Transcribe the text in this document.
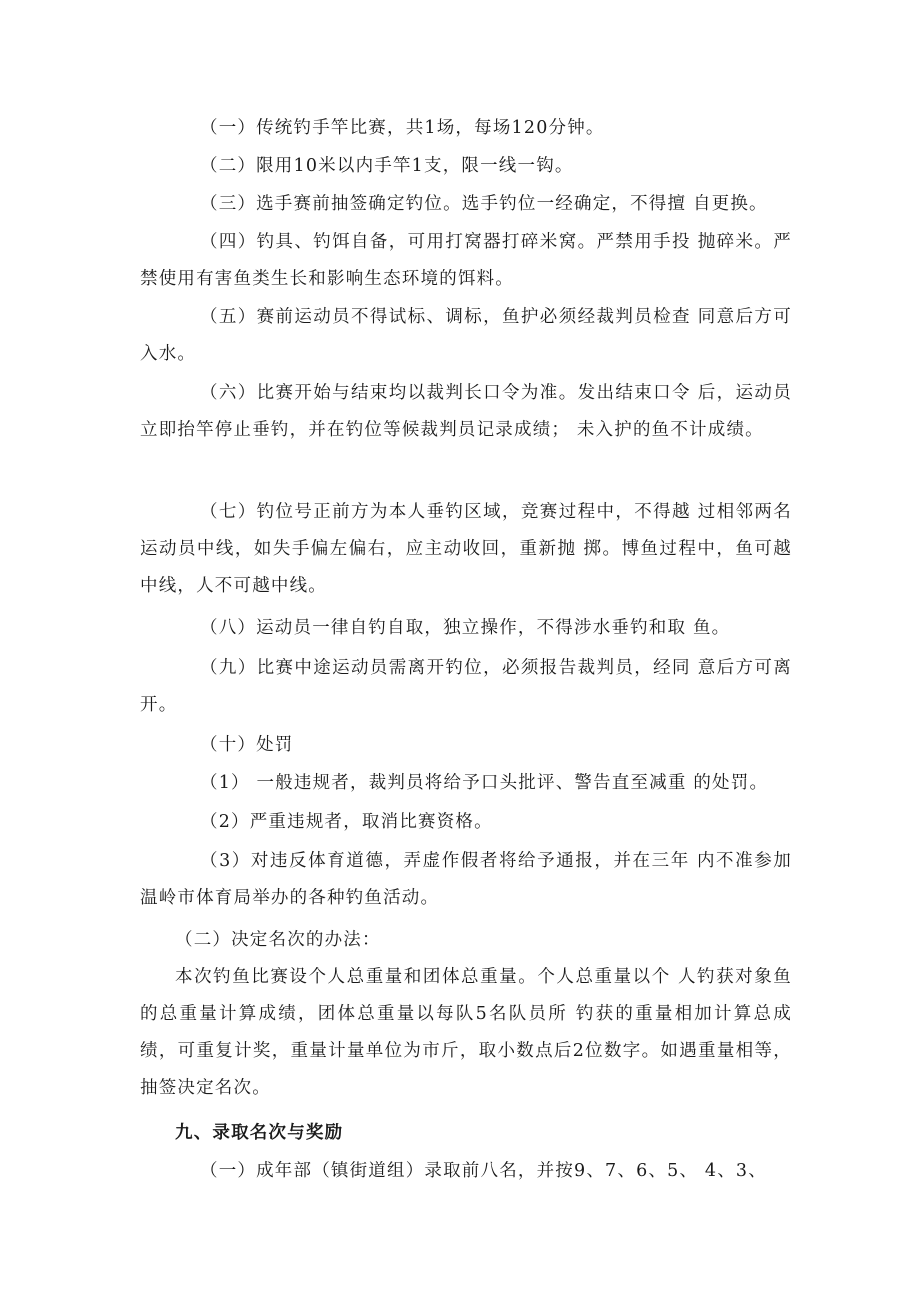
（一）传统钓手竿比赛，共1场，每场120分钟。

（二）限用10米以内手竿1支，限一线一钩。

（三）选手赛前抽签确定钓位。选手钓位一经确定，不得擅 自更换。

（四）钓具、钓饵自备，可用打窝器打碎米窝。严禁用手投 抛碎米。严禁使用有害鱼类生长和影响生态环境的饵料。

（五）赛前运动员不得试标、调标，鱼护必须经裁判员检查 同意后方可入水。

（六）比赛开始与结束均以裁判长口令为准。发出结束口令 后，运动员立即抬竿停止垂钓，并在钓位等候裁判员记录成绩； 未入护的鱼不计成绩。

（七）钓位号正前方为本人垂钓区域，竞赛过程中，不得越 过相邻两名运动员中线，如失手偏左偏右，应主动收回，重新抛 掷。博鱼过程中，鱼可越中线，人不可越中线。

（八）运动员一律自钓自取，独立操作，不得涉水垂钓和取 鱼。

（九）比赛中途运动员需离开钓位，必须报告裁判员，经同 意后方可离开。

（十）处罚

（1） 一般违规者，裁判员将给予口头批评、警告直至减重 的处罚。

（2）严重违规者，取消比赛资格。

（3）对违反体育道德，弄虚作假者将给予通报，并在三年 内不准参加温岭市体育局举办的各种钓鱼活动。

（二）决定名次的办法：

本次钓鱼比赛设个人总重量和团体总重量。个人总重量以个 人钓获对象鱼的总重量计算成绩，团体总重量以每队5名队员所 钓获的重量相加计算总成绩，可重复计奖，重量计量单位为市斤，取小数点后2位数字。如遇重量相等，抽签决定名次。

九、录取名次与奖励

（一）成年部（镇街道组）录取前八名，并按9、7、6、5、 4、3、
